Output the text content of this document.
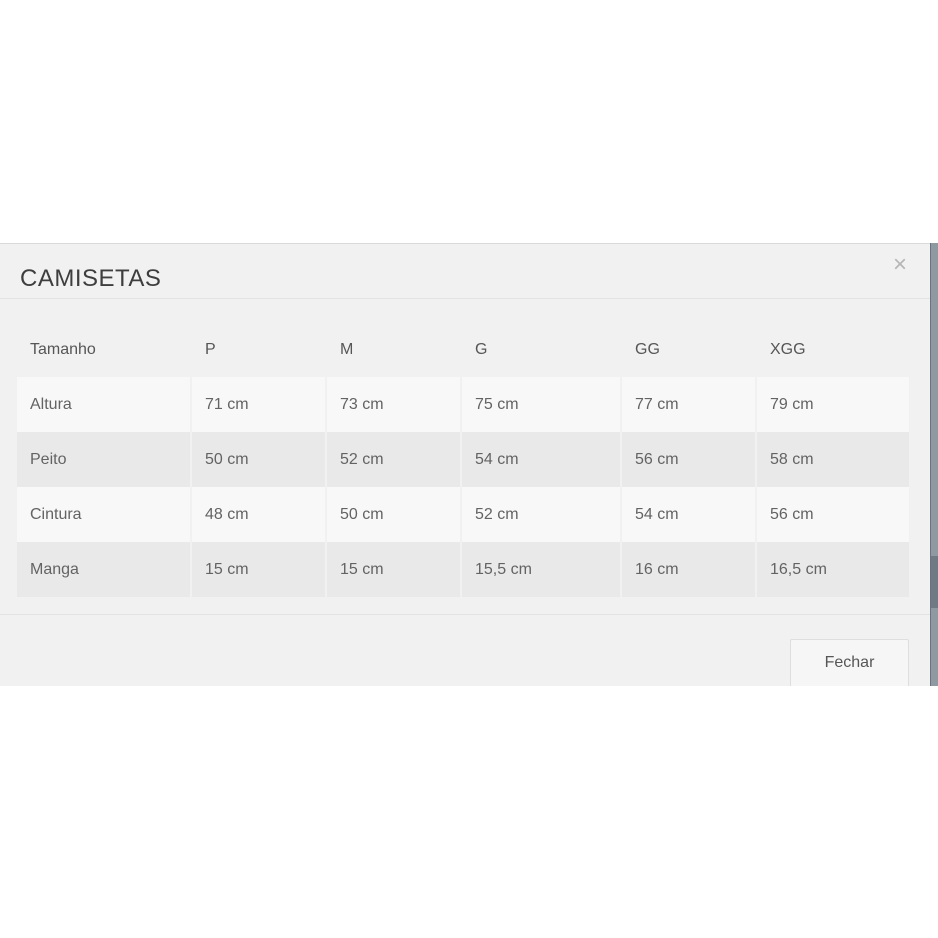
CAMISETAS
×
Tamanho	P	M	G	GG	XGG
Altura	71 cm	73 cm	75 cm	77 cm	79 cm
Peito	50 cm	52 cm	54 cm	56 cm	58 cm
Cintura	48 cm	50 cm	52 cm	54 cm	56 cm
Manga	15 cm	15 cm	15,5 cm	16 cm	16,5 cm
Fechar
